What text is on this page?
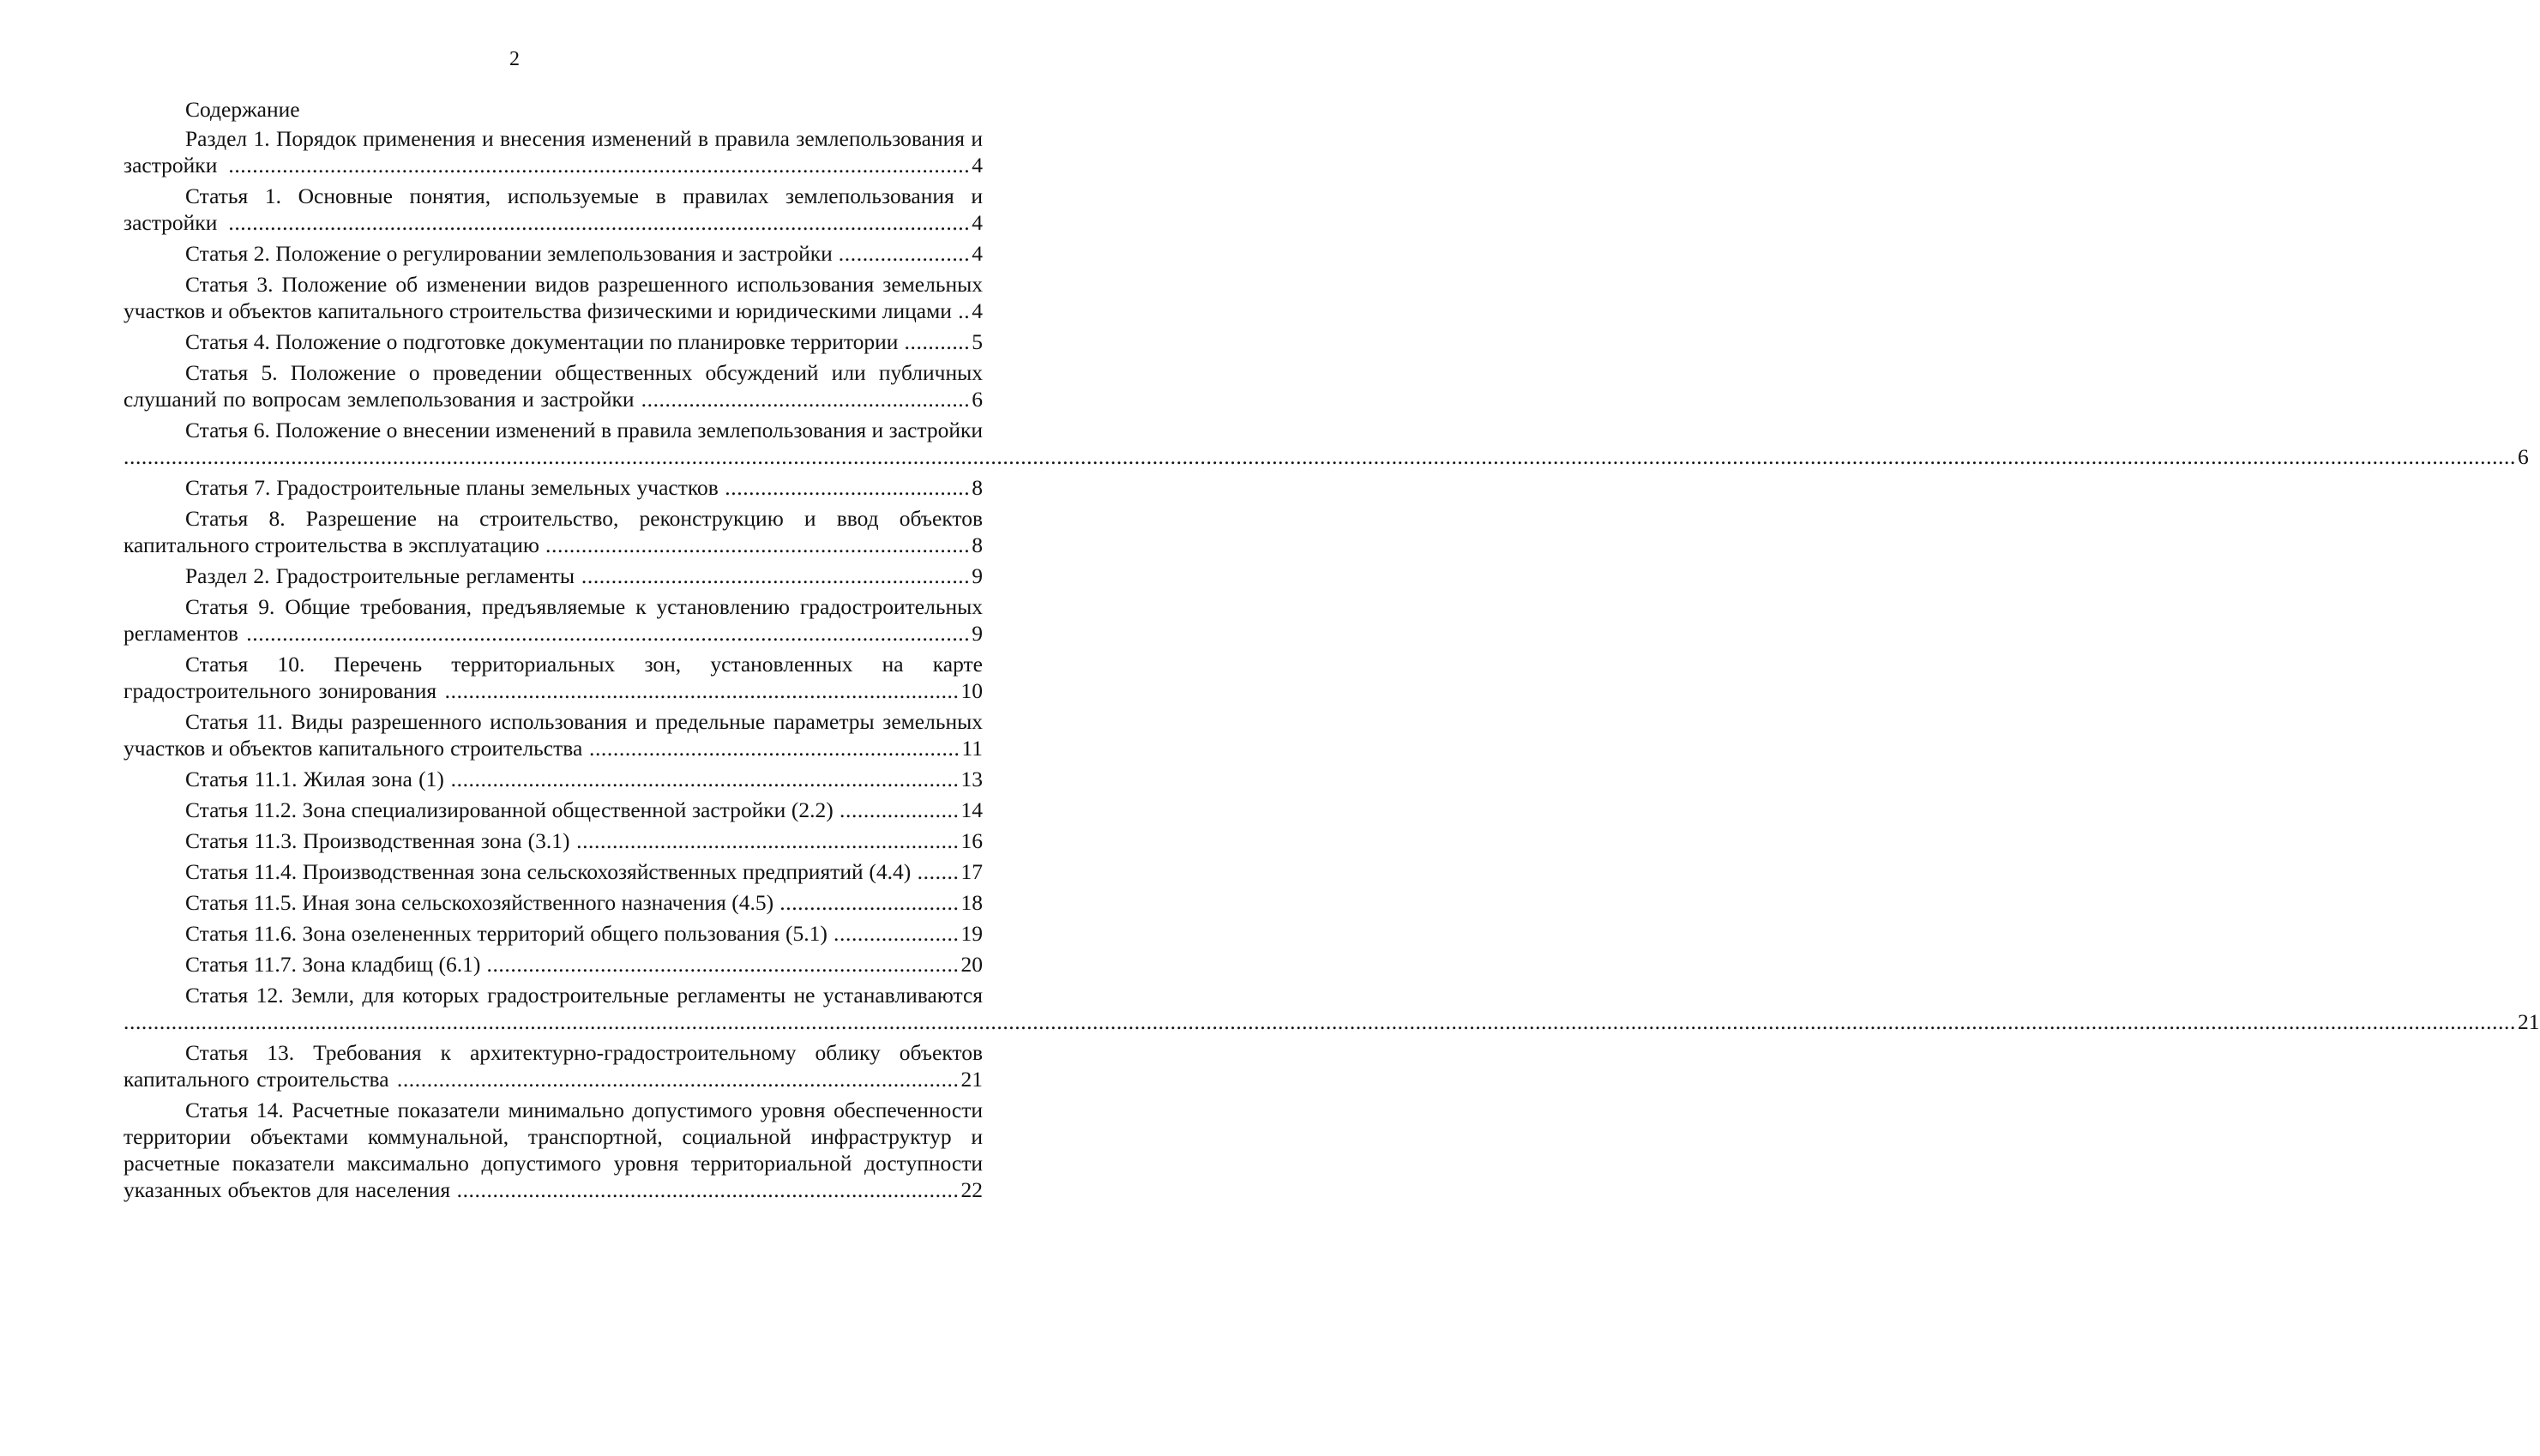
2

Содержание

Раздел 1. Порядок применения и внесения изменений в правила землепользования и застройки ............................................................................................................................4

Статья 1. Основные понятия, используемые в правилах землепользования и застройки ............................................................................................................................4

Статья 2. Положение о регулировании землепользования и застройки ......................4

Статья 3. Положение об изменении видов разрешенного использования земельных участков и объектов капитального строительства физическими и юридическими лицами ..4

Статья 4. Положение о подготовке документации по планировке территории ...........5

Статья 5. Положение о проведении общественных обсуждений или публичных слушаний по вопросам землепользования и застройки .......................................................6

Статья 6. Положение о внесении изменений в правила землепользования и застройки ................................................................................................................................................................................................................................................................................................................................................................................................................6

Статья 7. Градостроительные планы земельных участков .........................................8

Статья 8. Разрешение на строительство, реконструкцию и ввод объектов капитального строительства в эксплуатацию .......................................................................8

Раздел 2. Градостроительные регламенты .................................................................9

Статья 9. Общие требования, предъявляемые к установлению градостроительных регламентов .........................................................................................................................9

Статья 10. Перечень территориальных зон, установленных на карте градостроительного зонирования ......................................................................................10

Статья 11. Виды разрешенного использования и предельные параметры земельных участков и объектов капитального строительства ..............................................................11

Статья 11.1. Жилая зона (1) .....................................................................................13

Статья 11.2. Зона специализированной общественной застройки (2.2) ....................14

Статья 11.3. Производственная зона (3.1) ................................................................16

Статья 11.4. Производственная зона сельскохозяйственных предприятий (4.4) .......17

Статья 11.5. Иная зона сельскохозяйственного назначения (4.5) ..............................18

Статья 11.6. Зона озелененных территорий общего пользования (5.1) .....................19

Статья 11.7. Зона кладбищ (6.1) ...............................................................................20

Статья 12. Земли, для которых градостроительные регламенты не устанавливаются ................................................................................................................................................................................................................................................................................................................................................................................................................21

Статья 13. Требования к архитектурно-градостроительному облику объектов капитального строительства ..............................................................................................21

Статья 14. Расчетные показатели минимально допустимого уровня обеспеченности территории объектами коммунальной, транспортной, социальной инфраструктур и расчетные показатели максимально допустимого уровня территориальной доступности указанных объектов для населения ....................................................................................22
